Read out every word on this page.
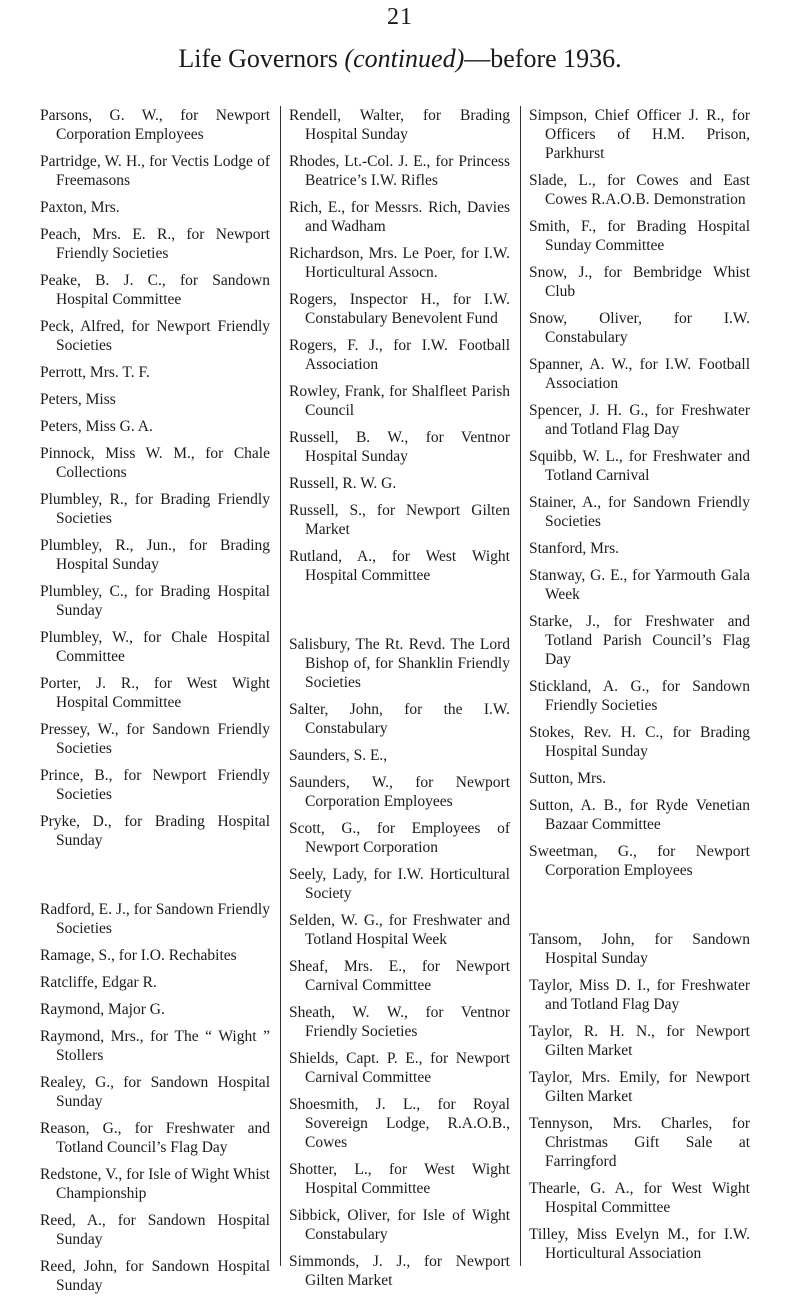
21
Life Governors (continued)—before 1936.
Parsons, G. W., for Newport Corporation Employees
Partridge, W. H., for Vectis Lodge of Freemasons
Paxton, Mrs.
Peach, Mrs. E. R., for Newport Friendly Societies
Peake, B. J. C., for Sandown Hospital Committee
Peck, Alfred, for Newport Friendly Societies
Perrott, Mrs. T. F.
Peters, Miss
Peters, Miss G. A.
Pinnock, Miss W. M., for Chale Collections
Plumbley, R., for Brading Friendly Societies
Plumbley, R., Jun., for Brading Hospital Sunday
Plumbley, C., for Brading Hospital Sunday
Plumbley, W., for Chale Hospital Committee
Porter, J. R., for West Wight Hospital Committee
Pressey, W., for Sandown Friendly Societies
Prince, B., for Newport Friendly Societies
Pryke, D., for Brading Hospital Sunday
Radford, E. J., for Sandown Friendly Societies
Ramage, S., for I.O. Rechabites
Ratcliffe, Edgar R.
Raymond, Major G.
Raymond, Mrs., for The “ Wight ” Stollers
Realey, G., for Sandown Hospital Sunday
Reason, G., for Freshwater and Totland Council’s Flag Day
Redstone, V., for Isle of Wight Whist Championship
Reed, A., for Sandown Hospital Sunday
Reed, John, for Sandown Hospital Sunday
Rendell, Walter, for Brading Hospital Sunday
Rhodes, Lt.-Col. J. E., for Princess Beatrice’s I.W. Rifles
Rich, E., for Messrs. Rich, Davies and Wadham
Richardson, Mrs. Le Poer, for I.W. Horticultural Assocn.
Rogers, Inspector H., for I.W. Constabulary Benevolent Fund
Rogers, F. J., for I.W. Football Association
Rowley, Frank, for Shalfleet Parish Council
Russell, B. W., for Ventnor Hospital Sunday
Russell, R. W. G.
Russell, S., for Newport Gilten Market
Rutland, A., for West Wight Hospital Committee
Salisbury, The Rt. Revd. The Lord Bishop of, for Shanklin Friendly Societies
Salter, John, for the I.W. Constabulary
Saunders, S. E.,
Saunders, W., for Newport Corporation Employees
Scott, G., for Employees of Newport Corporation
Seely, Lady, for I.W. Horticultural Society
Selden, W. G., for Freshwater and Totland Hospital Week
Sheaf, Mrs. E., for Newport Carnival Committee
Sheath, W. W., for Ventnor Friendly Societies
Shields, Capt. P. E., for Newport Carnival Committee
Shoesmith, J. L., for Royal Sovereign Lodge, R.A.O.B., Cowes
Shotter, L., for West Wight Hospital Committee
Sibbick, Oliver, for Isle of Wight Constabulary
Simmonds, J. J., for Newport Gilten Market
Simpson, Chief Officer J. R., for Officers of H.M. Prison, Parkhurst
Slade, L., for Cowes and East Cowes R.A.O.B. Demonstration
Smith, F., for Brading Hospital Sunday Committee
Snow, J., for Bembridge Whist Club
Snow, Oliver, for I.W. Constabulary
Spanner, A. W., for I.W. Football Association
Spencer, J. H. G., for Freshwater and Totland Flag Day
Squibb, W. L., for Freshwater and Totland Carnival
Stainer, A., for Sandown Friendly Societies
Stanford, Mrs.
Stanway, G. E., for Yarmouth Gala Week
Starke, J., for Freshwater and Totland Parish Council’s Flag Day
Stickland, A. G., for Sandown Friendly Societies
Stokes, Rev. H. C., for Brading Hospital Sunday
Sutton, Mrs.
Sutton, A. B., for Ryde Venetian Bazaar Committee
Sweetman, G., for Newport Corporation Employees
Tansom, John, for Sandown Hospital Sunday
Taylor, Miss D. I., for Freshwater and Totland Flag Day
Taylor, R. H. N., for Newport Gilten Market
Taylor, Mrs. Emily, for Newport Gilten Market
Tennyson, Mrs. Charles, for Christmas Gift Sale at Farringford
Thearle, G. A., for West Wight Hospital Committee
Tilley, Miss Evelyn M., for I.W. Horticultural Association
